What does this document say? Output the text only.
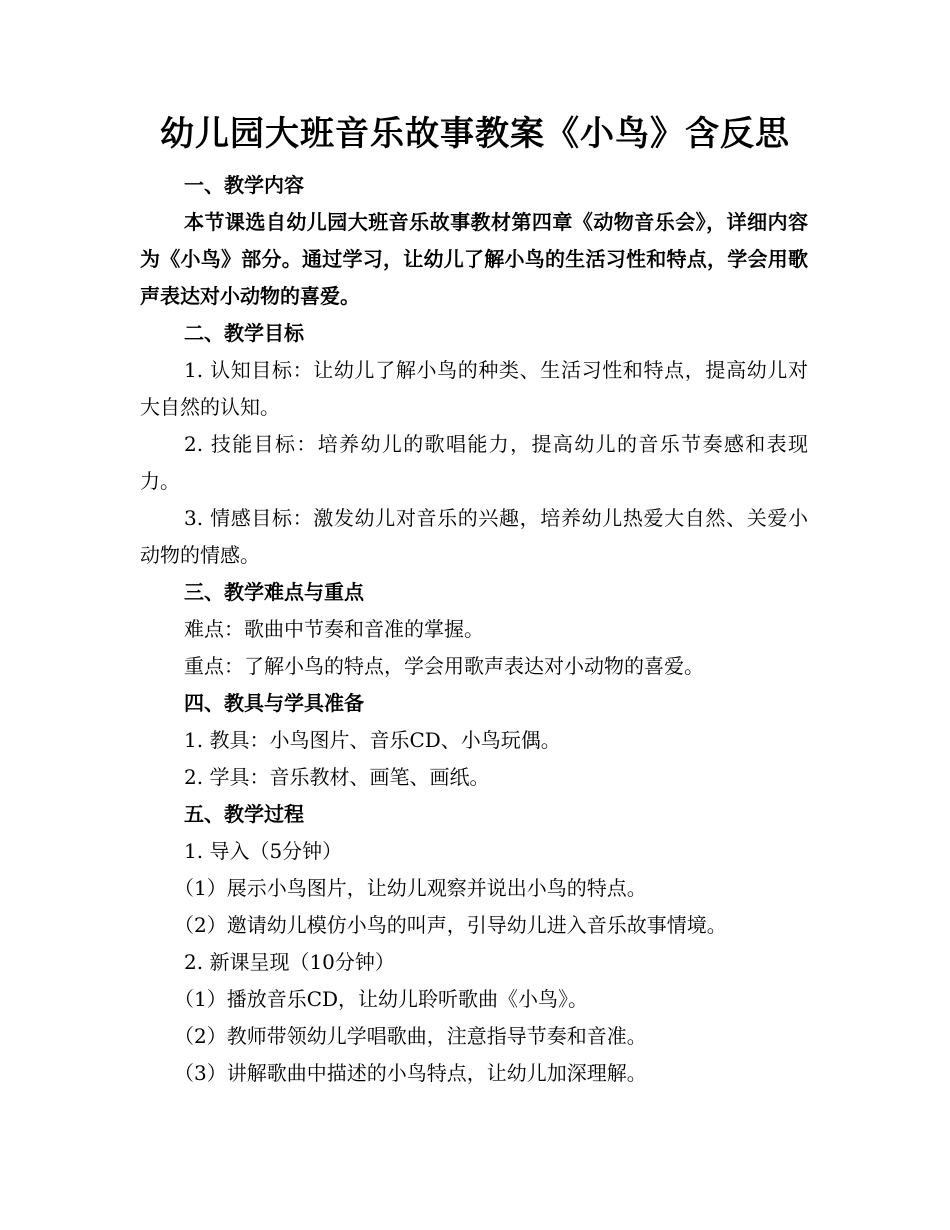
幼儿园大班音乐故事教案《小鸟》含反思

一、教学内容

本节课选自幼儿园大班音乐故事教材第四章《动物音乐会》，详细内容为《小鸟》部分。通过学习，让幼儿了解小鸟的生活习性和特点，学会用歌声表达对小动物的喜爱。

二、教学目标

1. 认知目标：让幼儿了解小鸟的种类、生活习性和特点，提高幼儿对大自然的认知。

2. 技能目标：培养幼儿的歌唱能力，提高幼儿的音乐节奏感和表现力。

3. 情感目标：激发幼儿对音乐的兴趣，培养幼儿热爱大自然、关爱小动物的情感。

三、教学难点与重点

难点：歌曲中节奏和音准的掌握。

重点：了解小鸟的特点，学会用歌声表达对小动物的喜爱。

四、教具与学具准备

1. 教具：小鸟图片、音乐CD、小鸟玩偶。

2. 学具：音乐教材、画笔、画纸。

五、教学过程

1. 导入（5分钟）

（1）展示小鸟图片，让幼儿观察并说出小鸟的特点。

（2）邀请幼儿模仿小鸟的叫声，引导幼儿进入音乐故事情境。

2. 新课呈现（10分钟）

（1）播放音乐CD，让幼儿聆听歌曲《小鸟》。

（2）教师带领幼儿学唱歌曲，注意指导节奏和音准。

（3）讲解歌曲中描述的小鸟特点，让幼儿加深理解。
